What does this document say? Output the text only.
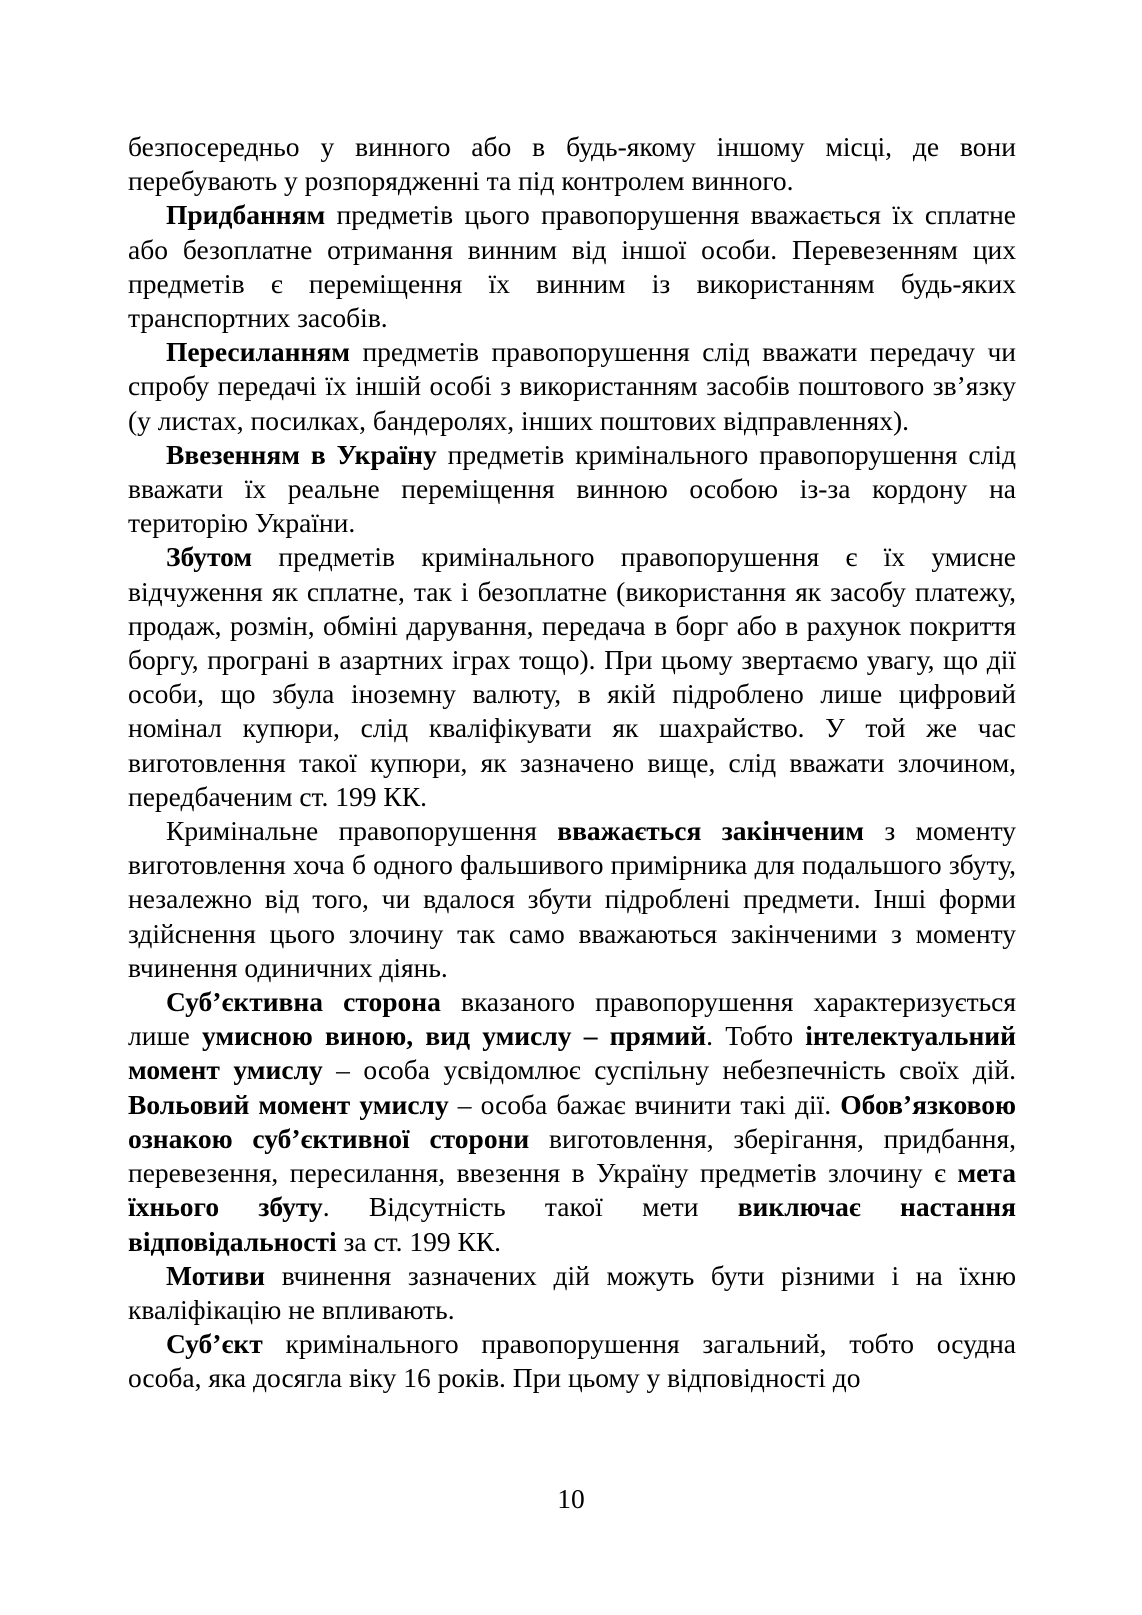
безпосередньо у винного або в будь-якому іншому місці, де вони перебувають у розпорядженні та під контролем винного.

Придбанням предметів цього правопорушення вважається їх сплатне або безоплатне отримання винним від іншої особи. Перевезенням цих предметів є переміщення їх винним із використанням будь-яких транспортних засобів.

Пересиланням предметів правопорушення слід вважати передачу чи спробу передачі їх іншій особі з використанням засобів поштового зв’язку (у листах, посилках, бандеролях, інших поштових відправленнях).

Ввезенням в Україну предметів кримінального правопорушення слід вважати їх реальне переміщення винною особою із-за кордону на територію України.

Збутом предметів кримінального правопорушення є їх умисне відчуження як сплатне, так і безоплатне (використання як засобу платежу, продаж, розмін, обміні дарування, передача в борг або в рахунок покриття боргу, програні в азартних іграх тощо). При цьому звертаємо увагу, що дії особи, що збула іноземну валюту, в якій підроблено лише цифровий номінал купюри, слід кваліфікувати як шахрайство. У той же час виготовлення такої купюри, як зазначено вище, слід вважати злочином, передбаченим ст. 199 КК.

Кримінальне правопорушення вважається закінченим з моменту виготовлення хоча б одного фальшивого примірника для подальшого збуту, незалежно від того, чи вдалося збути підроблені предмети. Інші форми здійснення цього злочину так само вважаються закінченими з моменту вчинення одиничних діянь.

Суб’єктивна сторона вказаного правопорушення характеризується лише умисною виною, вид умислу – прямий. Тобто інтелектуальний момент умислу – особа усвідомлює суспільну небезпечність своїх дій. Вольовий момент умислу – особа бажає вчинити такі дії. Обов’язковою ознакою суб’єктивної сторони виготовлення, зберігання, придбання, перевезення, пересилання, ввезення в Україну предметів злочину є мета їхнього збуту. Відсутність такої мети виключає настання відповідальності за ст. 199 КК.

Мотиви вчинення зазначених дій можуть бути різними і на їхню кваліфікацію не впливають.

Суб’єкт кримінального правопорушення загальний, тобто осудна особа, яка досягла віку 16 років. При цьому у відповідності до

10
